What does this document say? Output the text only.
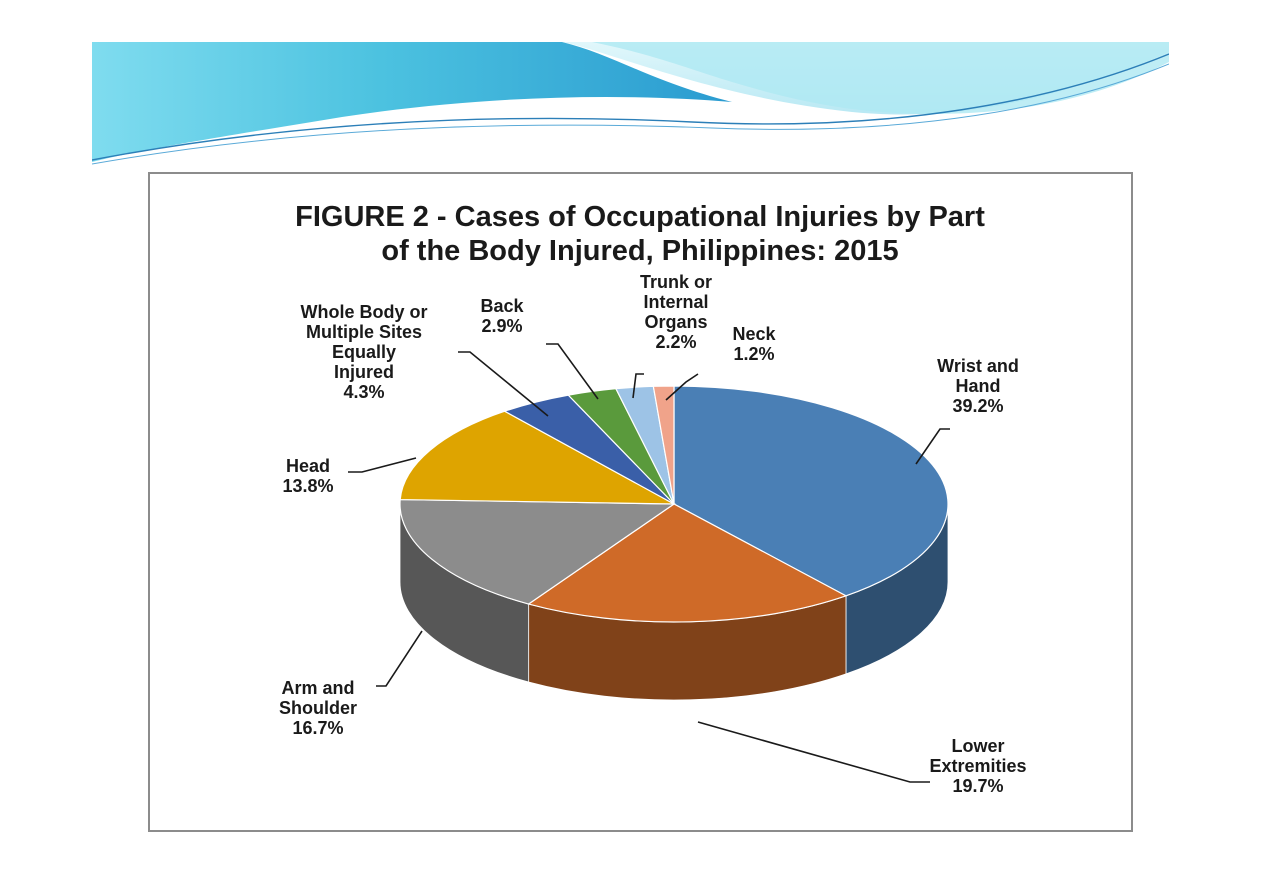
FIGURE 2 - Cases of Occupational Injuries by Part
of the Body Injured, Philippines: 2015
Wrist and
Hand
39.2%
Lower
Extremities
19.7%
Arm and
Shoulder
16.7%
Head
13.8%
Whole Body or
Multiple Sites
Equally
Injured
4.3%
Back
2.9%
Trunk or
Internal
Organs
2.2% Neck
1.2%
